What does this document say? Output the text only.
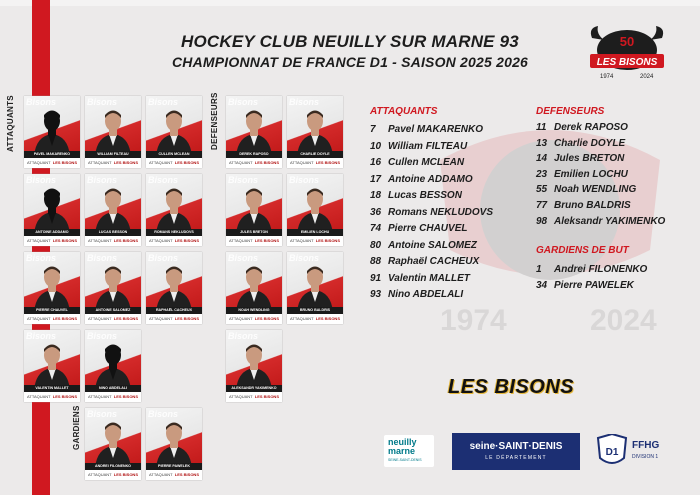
1974	2024
HOCKEY CLUB NEUILLY SUR MARNE 93
CHAMPIONNAT DE FRANCE D1 - SAISON 2025 2026
50
LES BISONS
1974	2024
ATTAQUANTS	DEFENSEURS
GARDIENS
Bisons
PAVEL MAKARENKO
ATTAQUANT LES BISONS
Bisons
WILLIAM FILTEAU
ATTAQUANT LES BISONS
Bisons
CULLEN MCLEAN
ATTAQUANT LES BISONS
Bisons
ANTOINE ADDAMO
ATTAQUANT LES BISONS
Bisons
LUCAS BESSON
ATTAQUANT LES BISONS
Bisons
ROMANS NEKLUDOVS
ATTAQUANT LES BISONS
Bisons
PIERRE CHAUVEL
ATTAQUANT LES BISONS
Bisons
ANTOINE SALOMEZ
ATTAQUANT LES BISONS
Bisons
RAPHAËL CACHEUX
ATTAQUANT LES BISONS
Bisons
VALENTIN MALLET
ATTAQUANT LES BISONS
Bisons
NINO ABDELALI
ATTAQUANT LES BISONS
Bisons
DEREK RAPOSO
ATTAQUANT LES BISONS
Bisons
CHARLIE DOYLE
ATTAQUANT LES BISONS
Bisons
JULES BRETON
ATTAQUANT LES BISONS
Bisons
EMILIEN LOCHU
ATTAQUANT LES BISONS
Bisons
NOAH WENDLING
ATTAQUANT LES BISONS
Bisons
BRUNO BALDRIS
ATTAQUANT LES BISONS
Bisons
ALEKSANDR YAKIMENKO
ATTAQUANT LES BISONS
Bisons
ANDREI FILONENKO
ATTAQUANT LES BISONS
Bisons
PIERRE PAWELEK
ATTAQUANT LES BISONS
ATTAQUANTS
7 Pavel MAKARENKO
10 William FILTEAU
16 Cullen MCLEAN
17 Antoine ADDAMO
18 Lucas BESSON
36 Romans NEKLUDOVS
74 Pierre CHAUVEL
80 Antoine SALOMEZ
88 Raphaël CACHEUX
91 Valentin MALLET
93 Nino ABDELALI
DEFENSEURS
11 Derek RAPOSO
13 Charlie DOYLE
14 Jules BRETON
23 Emilien LOCHU
55 Noah WENDLING
77 Bruno BALDRIS
98 Aleksandr YAKIMENKO
GARDIENS DE BUT
1 Andrei FILONENKO
34 Pierre PAWELEK
LES BISONS
neuilly
marne
SEINE-SAINT-DENIS
seine·SAINT·DENIS
LE DÉPARTEMENT	D1
FFHG
DIVISION 1
